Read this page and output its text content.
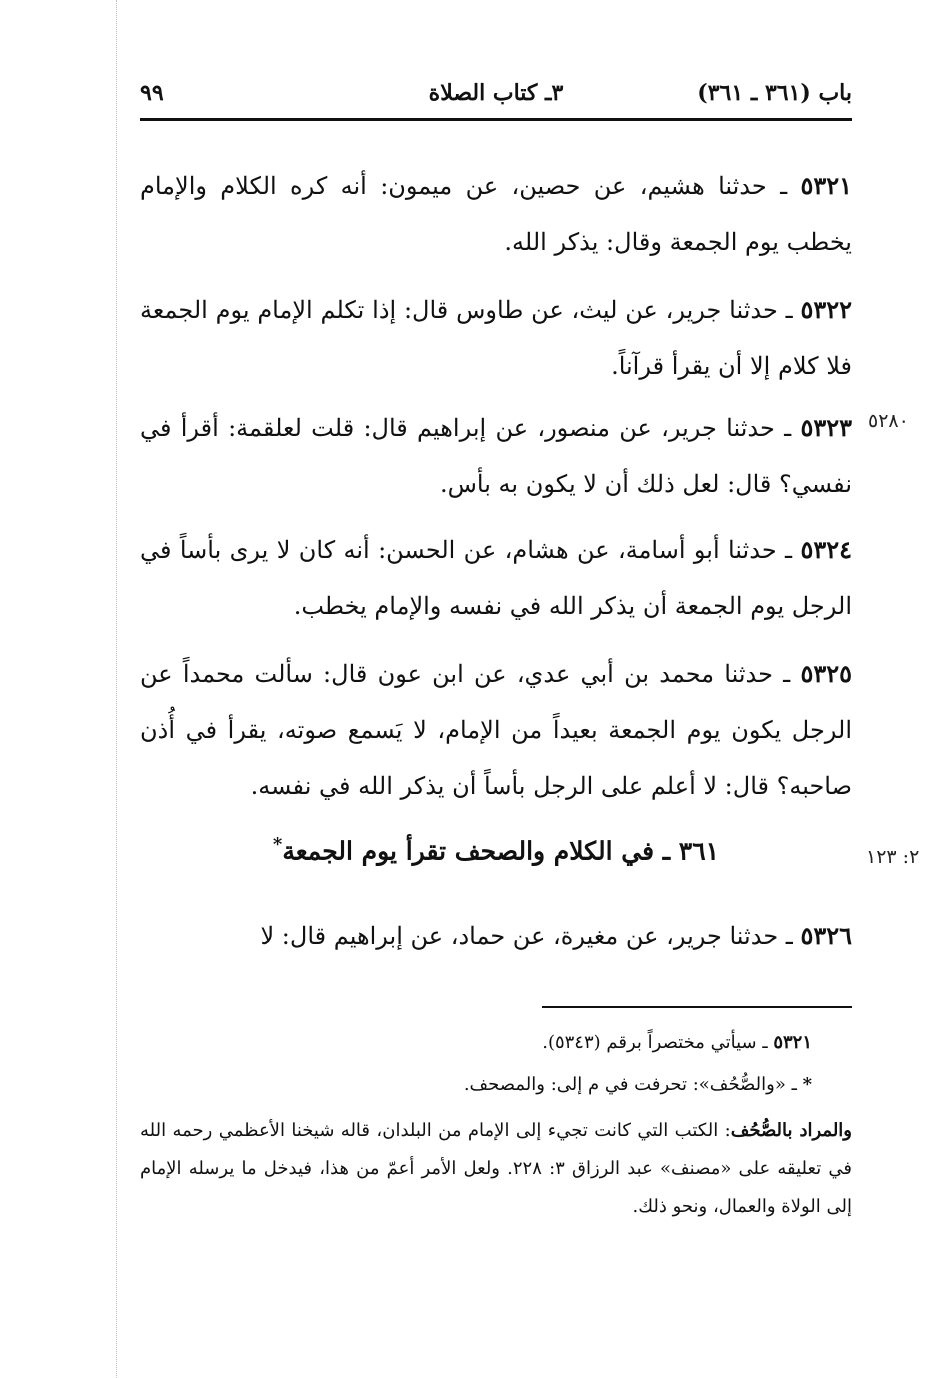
باب (٣٦١ ـ ٣٦١)
٣ـ كتاب الصلاة
٩٩

٥٣٢١ ـ حدثنا هشيم، عن حصين، عن ميمون: أنه كره الكلام والإمام يخطب يوم الجمعة وقال: يذكر الله.

٥٣٢٢ ـ حدثنا جرير، عن ليث، عن طاوس قال: إذا تكلم الإمام يوم الجمعة فلا كلام إلا أن يقرأ قرآناً.

٥٣٢٣ ـ حدثنا جرير، عن منصور، عن إبراهيم قال: قلت لعلقمة: أقرأ في نفسي؟ قال: لعل ذلك أن لا يكون به بأس.

٥٣٢٤ ـ حدثنا أبو أسامة، عن هشام، عن الحسن: أنه كان لا يرى بأساً في الرجل يوم الجمعة أن يذكر الله في نفسه والإمام يخطب.

٥٣٢٥ ـ حدثنا محمد بن أبي عدي، عن ابن عون قال: سألت محمداً عن الرجل يكون يوم الجمعة بعيداً من الإمام، لا يَسمع صوته، يقرأ في أُذن صاحبه؟ قال: لا أعلم على الرجل بأساً أن يذكر الله في نفسه.

٣٦١ ـ في الكلام والصحف تقرأ يوم الجمعة*

٥٣٢٦ ـ حدثنا جرير، عن مغيرة، عن حماد، عن إبراهيم قال: لا

٥٣٢١ ـ سيأتي مختصراً برقم (٥٣٤٣).

* ـ «والصُّحُف»: تحرفت في م إلى: والمصحف.

والمراد بالصُّحُف: الكتب التي كانت تجيء إلى الإمام من البلدان، قاله شيخنا الأعظمي رحمه الله في تعليقه على «مصنف» عبد الرزاق ٣: ٢٢٨. ولعل الأمر أعمّ من هذا، فيدخل ما يرسله الإمام إلى الولاة والعمال، ونحو ذلك.

٥٢٨٠
٢: ١٢٣
